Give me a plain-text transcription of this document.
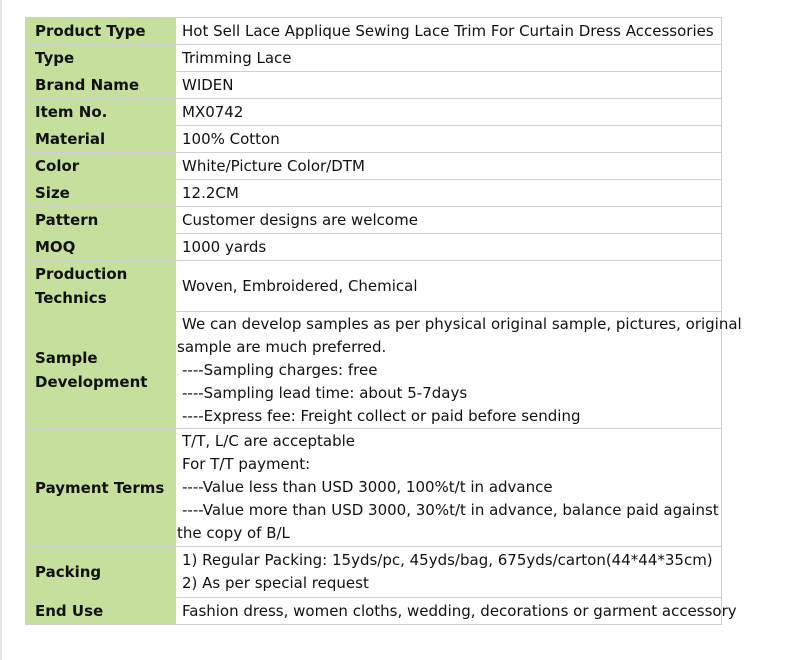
Product Type	Hot Sell Lace Applique Sewing Lace Trim For Curtain Dress Accessories

Type	Trimming Lace

Brand Name	WIDEN

Item No.	MX0742

Material	100% Cotton

Color	White/Picture Color/DTM

Size	12.2CM

Pattern	Customer designs are welcome

MOQ	1000 yards

Production
Technics	Woven, Embroidered, Chemical

Sample
Development	We can develop samples as per physical original sample, pictures, original
sample are much preferred.
----Sampling charges: free
----Sampling lead time: about 5-7days
----Express fee: Freight collect or paid before sending

Payment Terms	T/T, L/C are acceptable
For T/T payment:
----Value less than USD 3000, 100%t/t in advance
----Value more than USD 3000, 30%t/t in advance, balance paid against
the copy of B/L

Packing	1) Regular Packing: 15yds/pc, 45yds/bag, 675yds/carton(44*44*35cm)
2) As per special request

End Use	Fashion dress, women cloths, wedding, decorations or garment accessory
